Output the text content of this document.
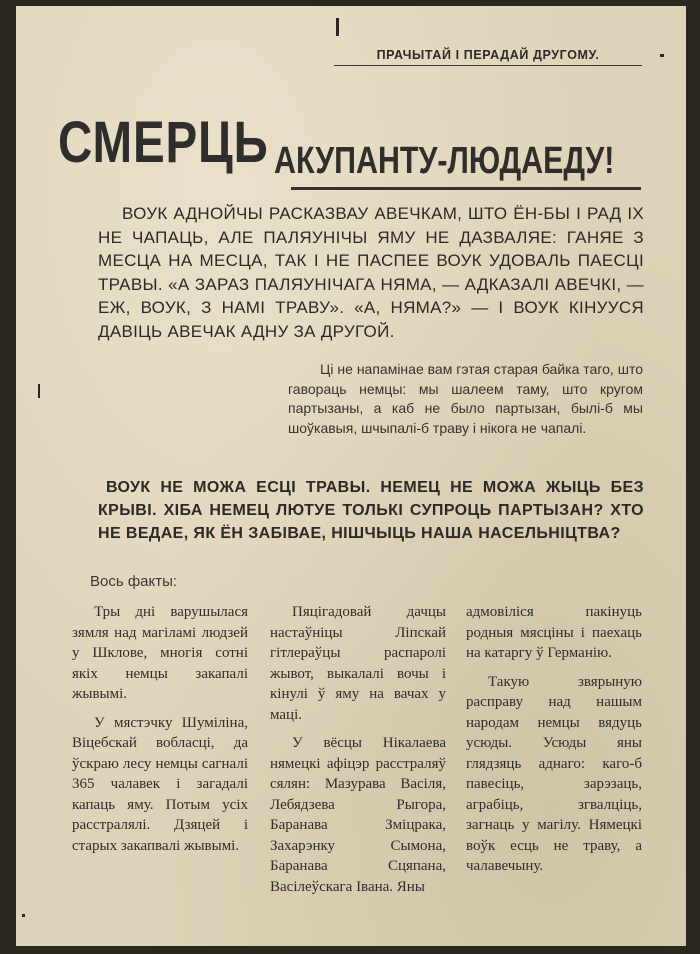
ПРАЧЫТАЙ І ПЕРАДАЙ ДРУГОМУ.
СМЕРЦЬ АКУПАНТУ-ЛЮДАЕДУ!

ВОУК АДНОЙЧЫ РАСКАЗВАУ АВЕЧКАМ, ШТО ЁН-БЫ І РАД ІХ НЕ ЧАПАЦЬ, АЛЕ ПАЛЯУНІЧЫ ЯМУ НЕ ДАЗВАЛЯЕ: ГАНЯЕ З МЕСЦА НА МЕСЦА, ТАК І НЕ ПАСПЕЕ ВОУК УДОВАЛЬ ПАЕСЦІ ТРАВЫ. «А ЗАРАЗ ПАЛЯУНІЧАГА НЯМА, — АДКАЗАЛІ АВЕЧКІ, — ЕЖ, ВОУК, З НАМІ ТРАВУ». «А, НЯМА?» — І ВОУК КІНУУСЯ ДАВІЦЬ АВЕЧАК АДНУ ЗА ДРУГОЙ.

Ці не напамінае вам гэтая старая байка таго, што гавораць немцы: мы шалеем таму, што кругом партызаны, а каб не было партызан, былі-б мы шоўкавыя, шчыпалі-б траву і нікога не чапалі.

ВОУК НЕ МОЖА ЕСЦІ ТРАВЫ. НЕМЕЦ НЕ МОЖА ЖЫЦЬ БЕЗ КРЫВІ. ХІБА НЕМЕЦ ЛЮТУЕ ТОЛЬКІ СУПРОЦЬ ПАРТЫЗАН? ХТО НЕ ВЕДАЕ, ЯК ЁН ЗАБІВАЕ, НІШЧЫЦЬ НАША НАСЕЛЬНІЦТВА?

Вось факты:

Тры дні варушылася зямля над магіламі людзей у Шклове, многія сотні якіх немцы закапалі жывымі.

У мястэчку Шуміліна, Віцебскай вобласці, да ўскраю лесу немцы сагналі 365 чалавек і загадалі капаць яму. Потым усіх расстралялі. Дзяцей і старых закапвалі жывымі.

Пяцігадовай дачцы настаўніцы Ліпскай гітлераўцы распаролі жывот, выкалалі вочы і кінулі ў яму на вачах у маці.

У вёсцы Нікалаева нямецкі афіцэр расстраляў сялян: Мазурава Васіля, Лебядзева Рыгора, Баранава Зміцрака, Захарэнку Сымона, Баранава Сцяпана, Васілеўскага Івана. Яны

адмовіліся пакінуць родныя мясціны і паехаць на катаргу ў Германію.

Такую звярыную расправу над нашым народам немцы вядуць усюды. Усюды яны глядзяць аднаго: каго-б павесіць, зарэзаць, аграбіць, згвалціць, загнаць у магілу. Нямецкі воўк есць не траву, а чалавечыну.
